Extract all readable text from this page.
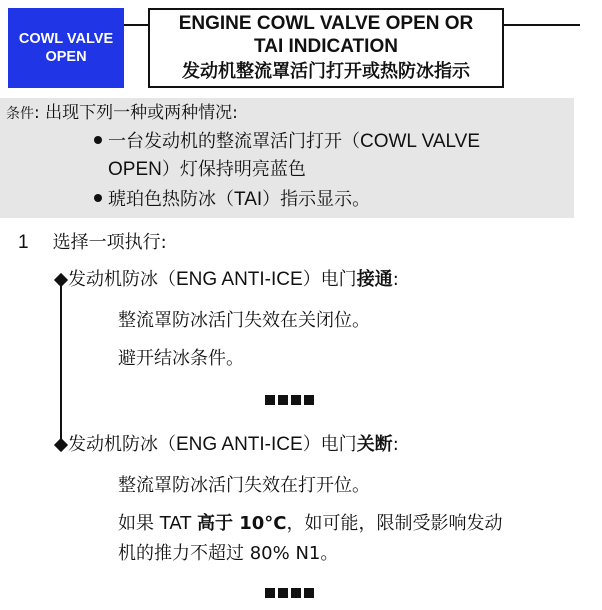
COWL VALVE
OPEN
ENGINE COWL VALVE OPEN OR
TAI INDICATION
发动机整流罩活门打开或热防冰指示
条件: 出现下列一种或两种情况:
一台发动机的整流罩活门打开（COWL VALVE
OPEN）灯保持明亮蓝色
琥珀色热防冰（TAI）指示显示。
1 选择一项执行:
发动机防冰（ENG ANTI-ICE）电门接通:
整流罩防冰活门失效在关闭位。
避开结冰条件。
发动机防冰（ENG ANTI-ICE）电门关断:
整流罩防冰活门失效在打开位。
如果 TAT 高于 10°C，如可能，限制受影响发动
机的推力不超过 80% N1。
